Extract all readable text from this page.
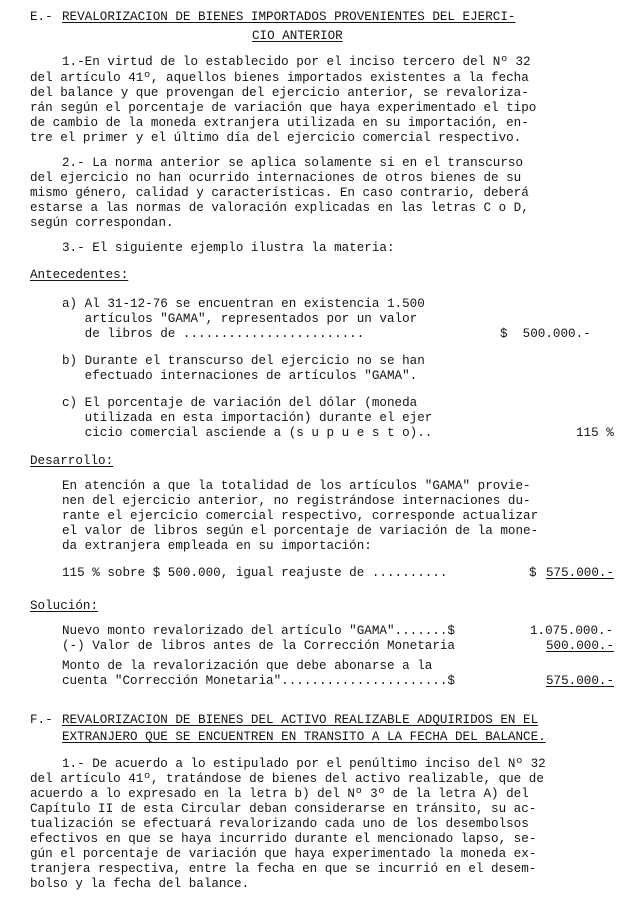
E.- REVALORIZACION DE BIENES IMPORTADOS PROVENIENTES DEL EJERCI-
CIO ANTERIOR
1.-En virtud de lo establecido por el inciso tercero del Nº 32
del artículo 41º, aquellos bienes importados existentes a la fecha
del balance y que provengan del ejercicio anterior, se revaloriza-
rán según el porcentaje de variación que haya experimentado el tipo
de cambio de la moneda extranjera utilizada en su importación, en-
tre el primer y el último día del ejercicio comercial respectivo.
2.- La norma anterior se aplica solamente si en el transcurso
del ejercicio no han ocurrido internaciones de otros bienes de su
mismo género, calidad y características. En caso contrario, deberá
estarse a las normas de valoración explicadas en las letras C o D,
según correspondan.
3.- El siguiente ejemplo ilustra la materia:
Antecedentes:
a) Al 31-12-76 se encuentran en existencia 1.500
artículos "GAMA", representados por un valor
de libros de ........................	$  500.000.-
b) Durante el transcurso del ejercicio no se han
efectuado internaciones de artículos "GAMA".
c) El porcentaje de variación del dólar (moneda
utilizada en esta importación) durante el ejer
cicio comercial asciende a (s u p u e s t o)..	115 %
Desarrollo:
En atención a que la totalidad de los artículos "GAMA" provie-
nen del ejercicio anterior, no registrándose internaciones du-
rante el ejercicio comercial respectivo, corresponde actualizar
el valor de libros según el porcentaje de variación de la mone-
da extranjera empleada en su importación:
115 % sobre $ 500.000, igual reajuste de ..........	$ 575.000.-
Solución:
Nuevo monto revalorizado del artículo "GAMA".......$	1.075.000.-
(-) Valor de libros antes de la Corrección Monetaria	500.000.-
Monto de la revalorización que debe abonarse a la
cuenta "Corrección Monetaria"......................$	575.000.-
F.- REVALORIZACION DE BIENES DEL ACTIVO REALIZABLE ADQUIRIDOS EN EL
EXTRANJERO QUE SE ENCUENTREN EN TRANSITO A LA FECHA DEL BALANCE.
1.- De acuerdo a lo estipulado por el penúltimo inciso del Nº 32
del artículo 41º, tratándose de bienes del activo realizable, que de
acuerdo a lo expresado en la letra b) del Nº 3º de la letra A) del
Capítulo II de esta Circular deban considerarse en tránsito, su ac-
tualización se efectuará revalorizando cada uno de los desembolsos
efectivos en que se haya incurrido durante el mencionado lapso, se-
gún el porcentaje de variación que haya experimentado la moneda ex-
tranjera respectiva, entre la fecha en que se incurrió en el desem-
bolso y la fecha del balance.
